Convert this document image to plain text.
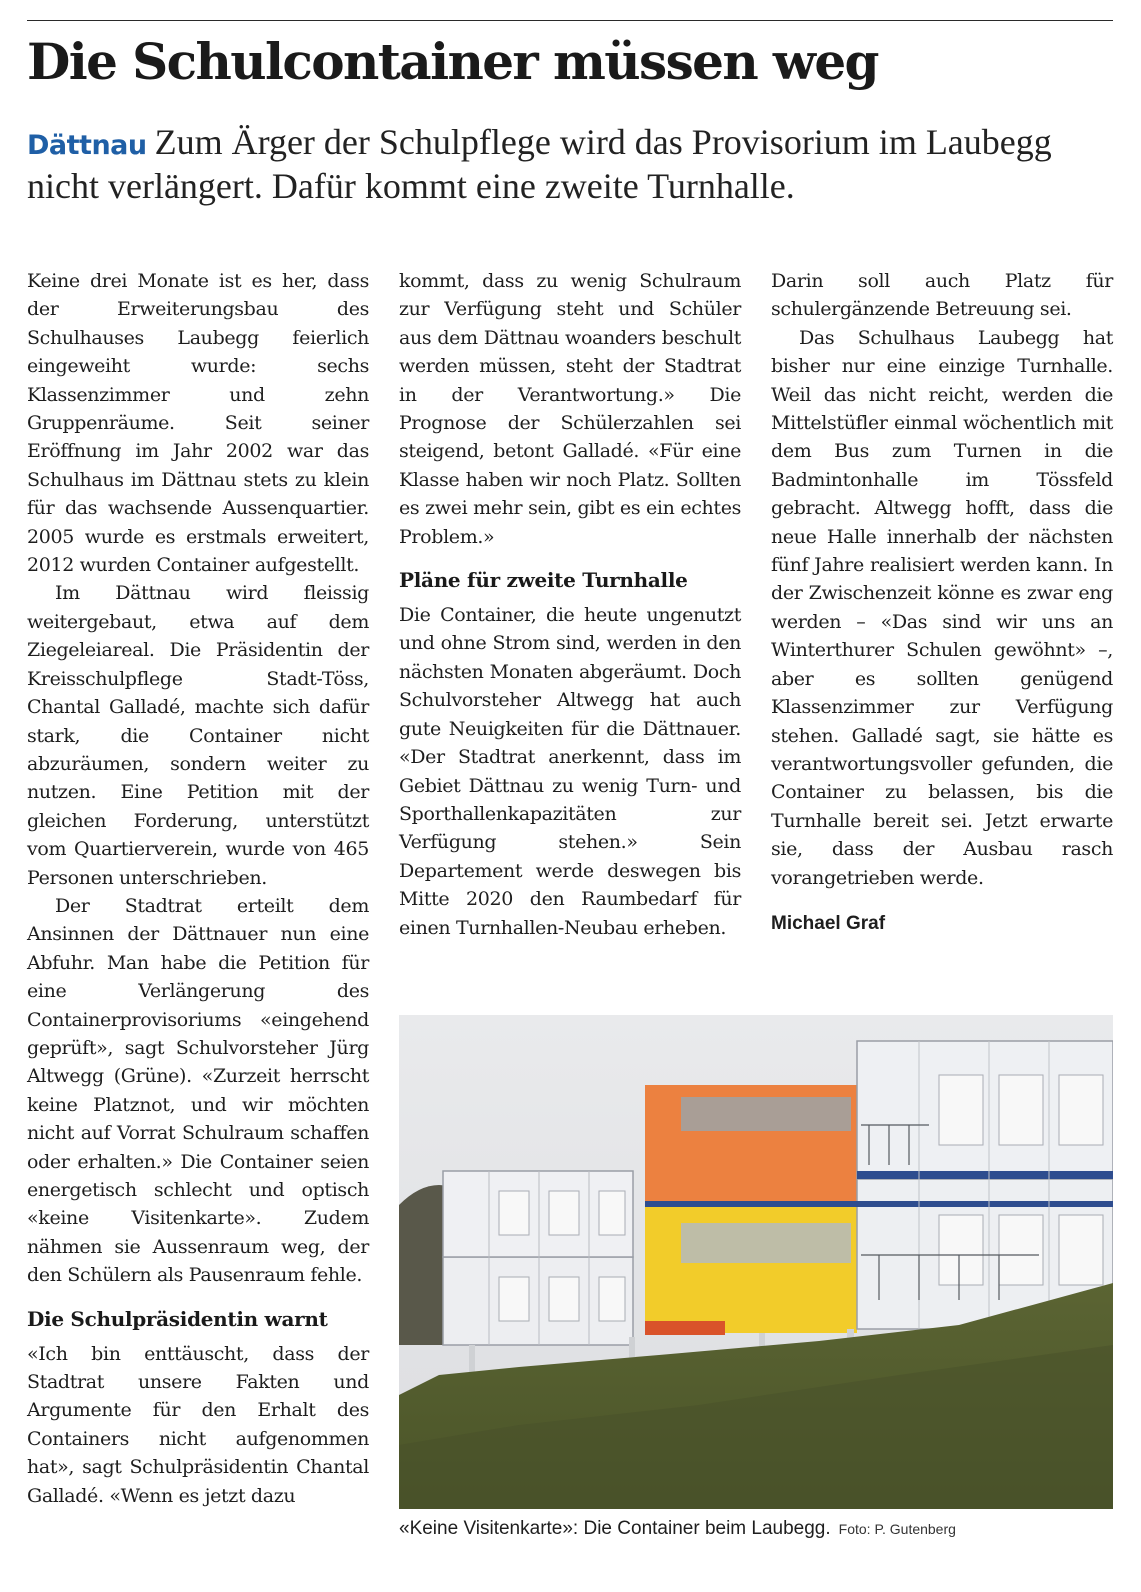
Die Schulcontainer müssen weg

Dättnau Zum Ärger der Schulpflege wird das Provisorium im Laubegg nicht verlängert. Dafür kommt eine zweite Turnhalle.

Keine drei Monate ist es her, dass der Erweiterungsbau des Schulhauses Laubegg feierlich eingeweiht wurde: sechs Klassenzimmer und zehn Gruppenräume. Seit seiner Eröffnung im Jahr 2002 war das Schulhaus im Dättnau stets zu klein für das wachsende Aussenquartier. 2005 wurde es erstmals erweitert, 2012 wurden Container aufgestellt.

Im Dättnau wird fleissig weitergebaut, etwa auf dem Ziegeleiareal. Die Präsidentin der Kreisschulpflege Stadt-Töss, Chantal Galladé, machte sich dafür stark, die Container nicht abzuräumen, sondern weiter zu nutzen. Eine Petition mit der gleichen Forderung, unterstützt vom Quartierverein, wurde von 465 Personen unterschrieben.

Der Stadtrat erteilt dem Ansinnen der Dättnauer nun eine Abfuhr. Man habe die Petition für eine Verlängerung des Containerprovisoriums «eingehend geprüft», sagt Schulvorsteher Jürg Altwegg (Grüne). «Zurzeit herrscht keine Platznot, und wir möchten nicht auf Vorrat Schulraum schaffen oder erhalten.» Die Container seien energetisch schlecht und optisch «keine Visitenkarte». Zudem nähmen sie Aussenraum weg, der den Schülern als Pausenraum fehle.

Die Schulpräsidentin warnt

«Ich bin enttäuscht, dass der Stadtrat unsere Fakten und Argumente für den Erhalt des Containers nicht aufgenommen hat», sagt Schulpräsidentin Chantal Galladé. «Wenn es jetzt dazu

kommt, dass zu wenig Schulraum zur Verfügung steht und Schüler aus dem Dättnau woanders beschult werden müssen, steht der Stadtrat in der Verantwortung.» Die Prognose der Schülerzahlen sei steigend, betont Galladé. «Für eine Klasse haben wir noch Platz. Sollten es zwei mehr sein, gibt es ein echtes Problem.»

Pläne für zweite Turnhalle

Die Container, die heute ungenutzt und ohne Strom sind, werden in den nächsten Monaten abgeräumt. Doch Schulvorsteher Altwegg hat auch gute Neuigkeiten für die Dättnauer. «Der Stadtrat anerkennt, dass im Gebiet Dättnau zu wenig Turn- und Sporthallenkapazitäten zur Verfügung stehen.» Sein Departement werde deswegen bis Mitte 2020 den Raumbedarf für einen Turnhallen-Neubau erheben.

Darin soll auch Platz für schulergänzende Betreuung sei.

Das Schulhaus Laubegg hat bisher nur eine einzige Turnhalle. Weil das nicht reicht, werden die Mittelstüfler einmal wöchentlich mit dem Bus zum Turnen in die Badmintonhalle im Tössfeld gebracht. Altwegg hofft, dass die neue Halle innerhalb der nächsten fünf Jahre realisiert werden kann. In der Zwischenzeit könne es zwar eng werden – «Das sind wir uns an Winterthurer Schulen gewöhnt» –, aber es sollten genügend Klassenzimmer zur Verfügung stehen. Galladé sagt, sie hätte es verantwortungsvoller gefunden, die Container zu belassen, bis die Turnhalle bereit sei. Jetzt erwarte sie, dass der Ausbau rasch vorangetrieben werde.

Michael Graf

«Keine Visitenkarte»: Die Container beim Laubegg. Foto: P. Gutenberg
